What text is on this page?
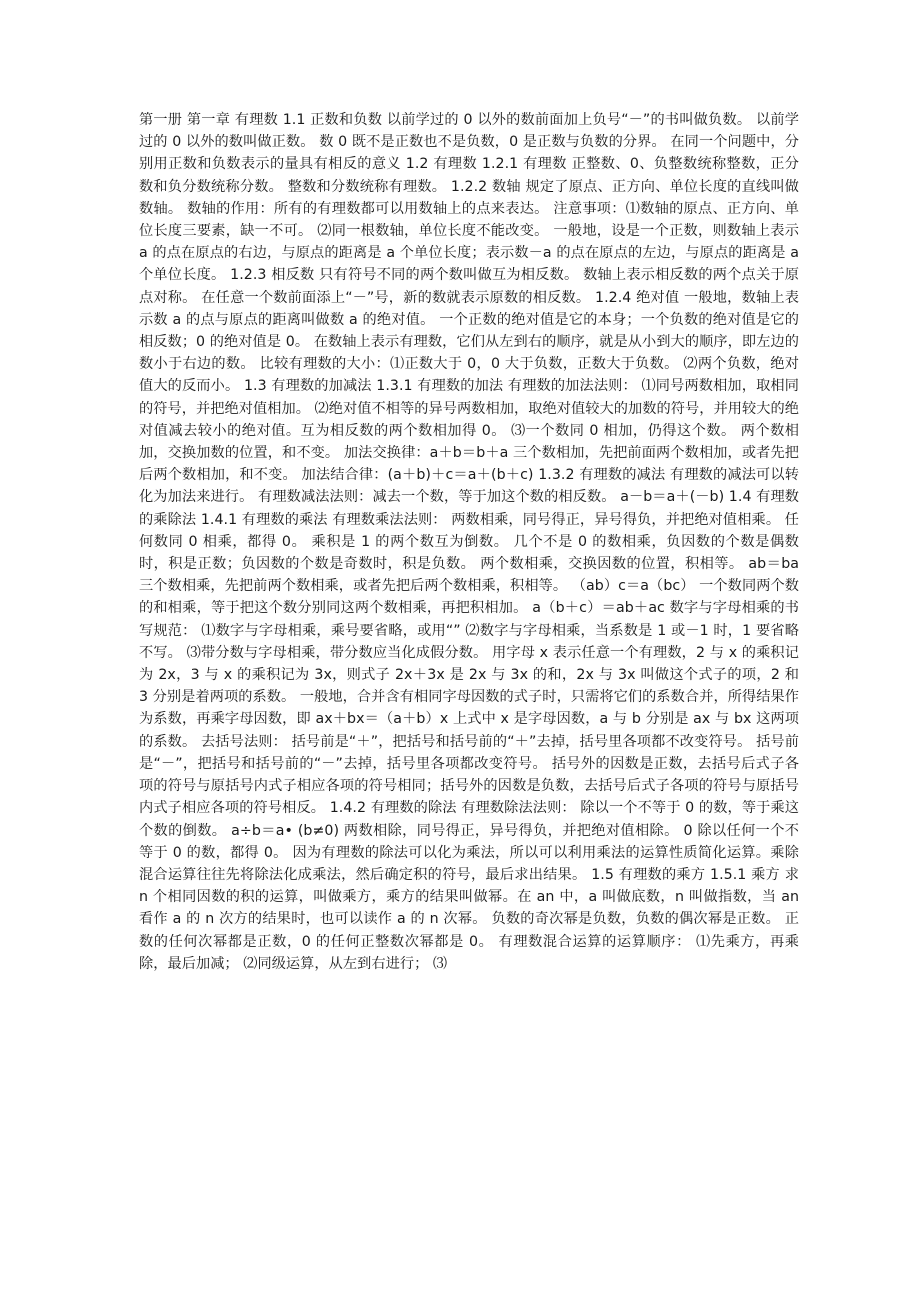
第一册 第一章 有理数 1.1 正数和负数 以前学过的 0 以外的数前面加上负号“－”的书叫做负数。 以前学过的 0 以外的数叫做正数。 数 0 既不是正数也不是负数，0 是正数与负数的分界。 在同一个问题中，分别用正数和负数表示的量具有相反的意义 1.2 有理数 1.2.1 有理数 正整数、0、负整数统称整数，正分数和负分数统称分数。 整数和分数统称有理数。 1.2.2 数轴 规定了原点、正方向、单位长度的直线叫做数轴。 数轴的作用：所有的有理数都可以用数轴上的点来表达。 注意事项：⑴数轴的原点、正方向、单位长度三要素，缺一不可。 ⑵同一根数轴，单位长度不能改变。 一般地，设是一个正数，则数轴上表示 a 的点在原点的右边，与原点的距离是 a 个单位长度；表示数－a 的点在原点的左边，与原点的距离是 a 个单位长度。 1.2.3 相反数 只有符号不同的两个数叫做互为相反数。 数轴上表示相反数的两个点关于原点对称。 在任意一个数前面添上“－”号，新的数就表示原数的相反数。 1.2.4 绝对值 一般地，数轴上表示数 a 的点与原点的距离叫做数 a 的绝对值。 一个正数的绝对值是它的本身；一个负数的绝对值是它的相反数；0 的绝对值是 0。 在数轴上表示有理数，它们从左到右的顺序，就是从小到大的顺序，即左边的数小于右边的数。 比较有理数的大小：⑴正数大于 0，0 大于负数，正数大于负数。 ⑵两个负数，绝对值大的反而小。 1.3 有理数的加减法 1.3.1 有理数的加法 有理数的加法法则： ⑴同号两数相加，取相同的符号，并把绝对值相加。 ⑵绝对值不相等的异号两数相加，取绝对值较大的加数的符号，并用较大的绝对值减去较小的绝对值。互为相反数的两个数相加得 0。 ⑶一个数同 0 相加，仍得这个数。 两个数相加，交换加数的位置，和不变。 加法交换律：a＋b＝b＋a 三个数相加，先把前面两个数相加，或者先把后两个数相加，和不变。 加法结合律：(a＋b)＋c＝a＋(b＋c) 1.3.2 有理数的减法 有理数的减法可以转化为加法来进行。 有理数减法法则：减去一个数，等于加这个数的相反数。 a－b＝a＋(－b) 1.4 有理数的乘除法 1.4.1 有理数的乘法 有理数乘法法则： 两数相乘，同号得正，异号得负，并把绝对值相乘。 任何数同 0 相乘，都得 0。 乘积是 1 的两个数互为倒数。 几个不是 0 的数相乘，负因数的个数是偶数时，积是正数；负因数的个数是奇数时，积是负数。 两个数相乘，交换因数的位置，积相等。 ab＝ba 三个数相乘，先把前两个数相乘，或者先把后两个数相乘，积相等。 （ab）c＝a（bc） 一个数同两个数的和相乘，等于把这个数分别同这两个数相乘，再把积相加。 a（b＋c）＝ab＋ac 数字与字母相乘的书写规范： ⑴数字与字母相乘，乘号要省略，或用“” ⑵数字与字母相乘，当系数是 1 或－1 时，1 要省略不写。 ⑶带分数与字母相乘，带分数应当化成假分数。 用字母 x 表示任意一个有理数，2 与 x 的乘积记为 2x，3 与 x 的乘积记为 3x，则式子 2x＋3x 是 2x 与 3x 的和，2x 与 3x 叫做这个式子的项，2 和 3 分别是着两项的系数。 一般地，合并含有相同字母因数的式子时，只需将它们的系数合并，所得结果作为系数，再乘字母因数，即 ax＋bx＝（a＋b）x 上式中 x 是字母因数，a 与 b 分别是 ax 与 bx 这两项的系数。 去括号法则： 括号前是“＋”，把括号和括号前的“＋”去掉，括号里各项都不改变符号。 括号前是“－”，把括号和括号前的“－”去掉，括号里各项都改变符号。 括号外的因数是正数，去括号后式子各项的符号与原括号内式子相应各项的符号相同；括号外的因数是负数，去括号后式子各项的符号与原括号内式子相应各项的符号相反。 1.4.2 有理数的除法 有理数除法法则： 除以一个不等于 0 的数，等于乘这个数的倒数。 a÷b＝a• (b≠0) 两数相除，同号得正，异号得负，并把绝对值相除。 0 除以任何一个不等于 0 的数，都得 0。 因为有理数的除法可以化为乘法，所以可以利用乘法的运算性质简化运算。乘除混合运算往往先将除法化成乘法，然后确定积的符号，最后求出结果。 1.5 有理数的乘方 1.5.1 乘方 求 n 个相同因数的积的运算，叫做乘方，乘方的结果叫做幂。在 an 中，a 叫做底数，n 叫做指数，当 an 看作 a 的 n 次方的结果时，也可以读作 a 的 n 次幂。 负数的奇次幂是负数，负数的偶次幂是正数。 正数的任何次幂都是正数，0 的任何正整数次幂都是 0。 有理数混合运算的运算顺序： ⑴先乘方，再乘除，最后加减； ⑵同级运算，从左到右进行； ⑶
